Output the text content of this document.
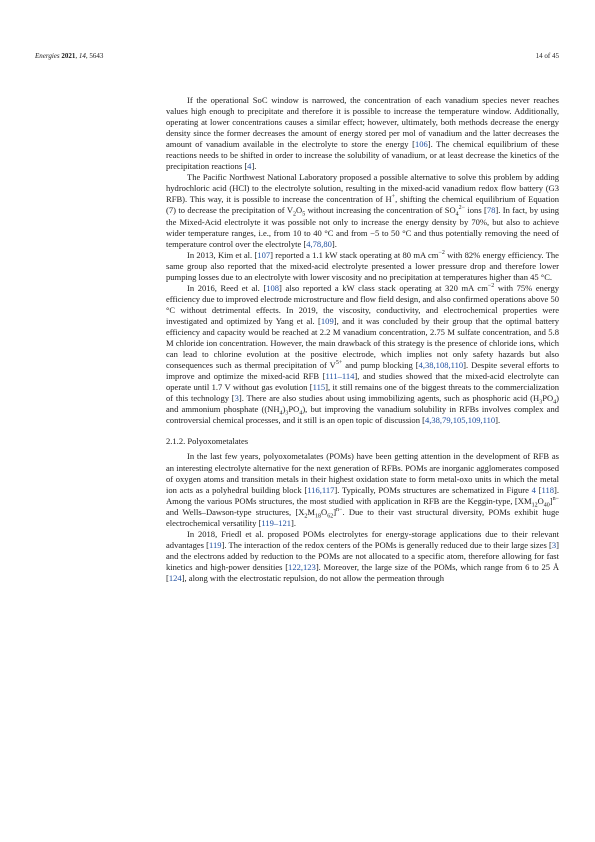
Energies 2021, 14, 5643	14 of 45

If the operational SoC window is narrowed, the concentration of each vanadium species never reaches values high enough to precipitate and therefore it is possible to increase the temperature window. Additionally, operating at lower concentrations causes a similar effect; however, ultimately, both methods decrease the energy density since the former decreases the amount of energy stored per mol of vanadium and the latter decreases the amount of vanadium available in the electrolyte to store the energy [106]. The chemical equilibrium of these reactions needs to be shifted in order to increase the solubility of vanadium, or at least decrease the kinetics of the precipitation reactions [4].

The Pacific Northwest National Laboratory proposed a possible alternative to solve this problem by adding hydrochloric acid (HCl) to the electrolyte solution, resulting in the mixed-acid vanadium redox flow battery (G3 RFB). This way, it is possible to increase the concentration of H+, shifting the chemical equilibrium of Equation (7) to decrease the precipitation of $V_2O_5$ without increasing the concentration of $SO_4^{2-}$ ions [78]. In fact, by using the Mixed-Acid electrolyte it was possible not only to increase the energy density by 70%, but also to achieve wider temperature ranges, i.e., from 10 to 40 °C and from −5 to 50 °C and thus potentially removing the need of temperature control over the electrolyte [4,78,80].

In 2013, Kim et al. [107] reported a 1.1 kW stack operating at 80 mA $cm^{-2}$ with 82% energy efficiency. The same group also reported that the mixed-acid electrolyte presented a lower pressure drop and therefore lower pumping losses due to an electrolyte with lower viscosity and no precipitation at temperatures higher than 45 °C.

In 2016, Reed et al. [108] also reported a kW class stack operating at 320 mA $cm^{-2}$ with 75% energy efficiency due to improved electrode microstructure and flow field design, and also confirmed operations above 50 °C without detrimental effects. In 2019, the viscosity, conductivity, and electrochemical properties were investigated and optimized by Yang et al. [109], and it was concluded by their group that the optimal battery efficiency and capacity would be reached at 2.2 M vanadium concentration, 2.75 M sulfate concentration, and 5.8 M chloride ion concentration. However, the main drawback of this strategy is the presence of chloride ions, which can lead to chlorine evolution at the positive electrode, which implies not only safety hazards but also consequences such as thermal precipitation of $V^{5+}$ and pump blocking [4,38,108,110]. Despite several efforts to improve and optimize the mixed-acid RFB [111–114], and studies showed that the mixed-acid electrolyte can operate until 1.7 V without gas evolution [115], it still remains one of the biggest threats to the commercialization of this technology [3]. There are also studies about using immobilizing agents, such as phosphoric acid $(H_3PO_4)$ and ammonium phosphate $((NH_4)_3PO_4)$, but improving the vanadium solubility in RFBs involves complex and controversial chemical processes, and it still is an open topic of discussion [4,38,79,105,109,110].

2.1.2. Polyoxometalates

In the last few years, polyoxometalates (POMs) have been getting attention in the development of RFB as an interesting electrolyte alternative for the next generation of RFBs. POMs are inorganic agglomerates composed of oxygen atoms and transition metals in their highest oxidation state to form metal-oxo units in which the metal ion acts as a polyhedral building block [116,117]. Typically, POMs structures are schematized in Figure 4 [118]. Among the various POMs structures, the most studied with application in RFB are the Keggin-type, $[XM_{12}O_{40}]^{n-}$ and Wells–Dawson-type structures, $[X_2M_{18}O_{62}]^{n-}$. Due to their vast structural diversity, POMs exhibit huge electrochemical versatility [119–121].

In 2018, Friedl et al. proposed POMs electrolytes for energy-storage applications due to their relevant advantages [119]. The interaction of the redox centers of the POMs is generally reduced due to their large sizes [3] and the electrons added by reduction to the POMs are not allocated to a specific atom, therefore allowing for fast kinetics and high-power densities [122,123]. Moreover, the large size of the POMs, which range from 6 to 25 Å [124], along with the electrostatic repulsion, do not allow the permeation through
